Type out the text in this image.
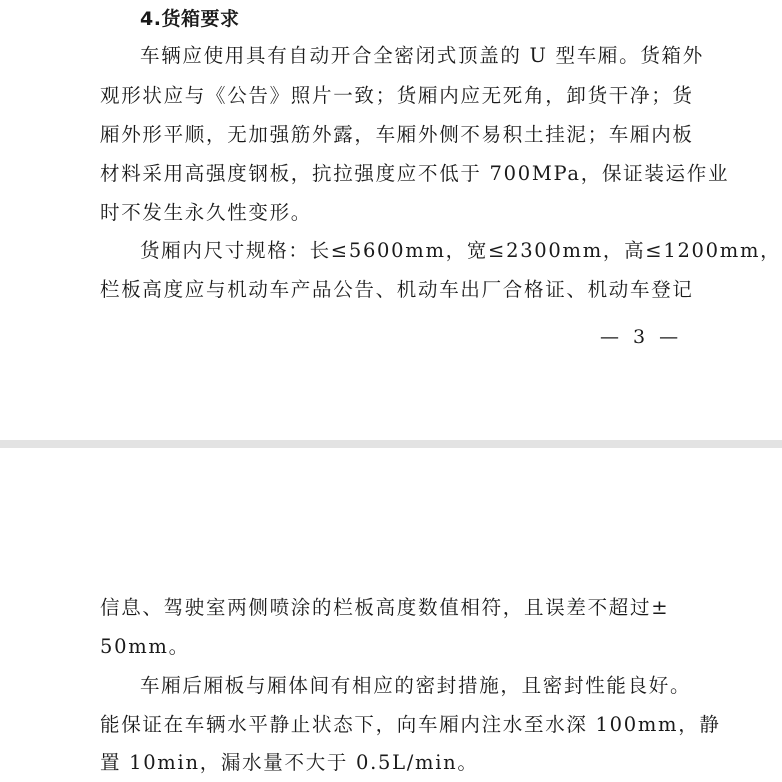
4.货箱要求
车辆应使用具有自动开合全密闭式顶盖的 U 型车厢。货箱外
观形状应与《公告》照片一致；货厢内应无死角，卸货干净；货
厢外形平顺，无加强筋外露，车厢外侧不易积土挂泥；车厢内板
材料采用高强度钢板，抗拉强度应不低于 700MPa，保证装运作业
时不发生永久性变形。
货厢内尺寸规格：长≤5600mm，宽≤2300mm，高≤1200mm，
栏板高度应与机动车产品公告、机动车出厂合格证、机动车登记
— 3 —
信息、驾驶室两侧喷涂的栏板高度数值相符，且误差不超过±
50mm。
车厢后厢板与厢体间有相应的密封措施，且密封性能良好。
能保证在车辆水平静止状态下，向车厢内注水至水深 100mm，静
置 10min，漏水量不大于 0.5L/min。
